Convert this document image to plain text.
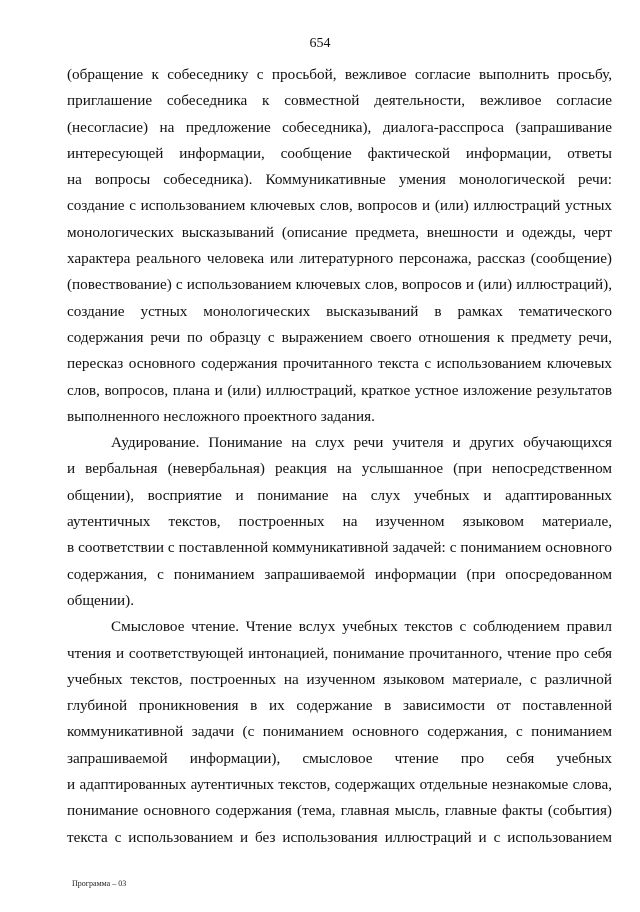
654
(обращение к собеседнику с просьбой, вежливое согласие выполнить просьбу,
приглашение собеседника к совместной деятельности, вежливое согласие
(несогласие) на предложение собеседника), диалога-расспроса (запрашивание
интересующей информации, сообщение фактической информации, ответы
на вопросы собеседника). Коммуникативные умения монологической речи:
создание с использованием ключевых слов, вопросов и (или) иллюстраций устных
монологических высказываний (описание предмета, внешности и одежды, черт
характера реального человека или литературного персонажа, рассказ (сообщение)
(повествование) с использованием ключевых слов, вопросов и (или) иллюстраций),
создание устных монологических высказываний в рамках тематического
содержания речи по образцу с выражением своего отношения к предмету речи,
пересказ основного содержания прочитанного текста с использованием ключевых
слов, вопросов, плана и (или) иллюстраций, краткое устное изложение результатов
выполненного несложного проектного задания.
Аудирование. Понимание на слух речи учителя и других обучающихся
и вербальная (невербальная) реакция на услышанное (при непосредственном
общении), восприятие и понимание на слух учебных и адаптированных
аутентичных текстов, построенных на изученном языковом материале,
в соответствии с поставленной коммуникативной задачей: с пониманием основного
содержания, с пониманием запрашиваемой информации (при опосредованном
общении).
Смысловое чтение. Чтение вслух учебных текстов с соблюдением правил
чтения и соответствующей интонацией, понимание прочитанного, чтение про себя
учебных текстов, построенных на изученном языковом материале, с различной
глубиной проникновения в их содержание в зависимости от поставленной
коммуникативной задачи (с пониманием основного содержания, с пониманием
запрашиваемой информации), смысловое чтение про себя учебных
и адаптированных аутентичных текстов, содержащих отдельные незнакомые слова,
понимание основного содержания (тема, главная мысль, главные факты (события)
текста с использованием и без использования иллюстраций и с использованием
Программа – 03
